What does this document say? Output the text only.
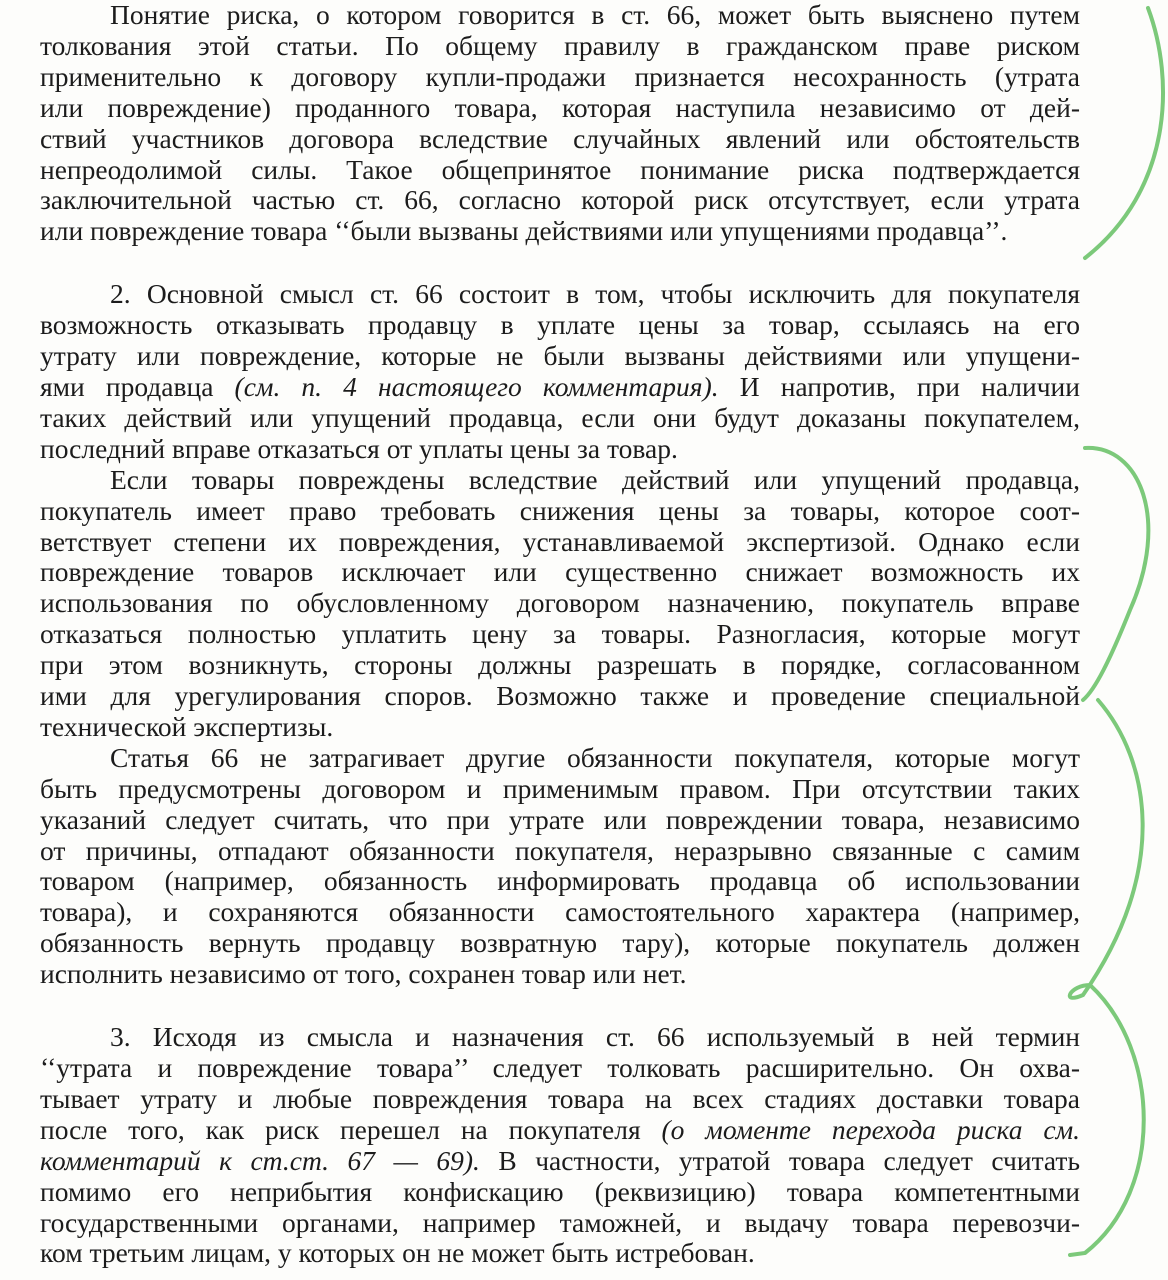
Понятие риска, о котором говорится в ст. 66, может быть выяснено путем
толкования этой статьи. По общему правилу в гражданском праве риском
применительно к договору купли-продажи признается несохранность (утрата
или повреждение) проданного товара, которая наступила независимо от дей-
ствий участников договора вследствие случайных явлений или обстоятельств
непреодолимой силы. Такое общепринятое понимание риска подтверждается
заключительной частью ст. 66, согласно которой риск отсутствует, если утрата
или повреждение товара ‘‘были вызваны действиями или упущениями продавца’’.

2. Основной смысл ст. 66 состоит в том, чтобы исключить для покупателя
возможность отказывать продавцу в уплате цены за товар, ссылаясь на его
утрату или повреждение, которые не были вызваны действиями или упущени-
ями продавца (см. п. 4 настоящего комментария). И напротив, при наличии
таких действий или упущений продавца, если они будут доказаны покупателем,
последний вправе отказаться от уплаты цены за товар.

Если товары повреждены вследствие действий или упущений продавца,
покупатель имеет право требовать снижения цены за товары, которое соот-
ветствует степени их повреждения, устанавливаемой экспертизой. Однако если
повреждение товаров исключает или существенно снижает возможность их
использования по обусловленному договором назначению, покупатель вправе
отказаться полностью уплатить цену за товары. Разногласия, которые могут
при этом возникнуть, стороны должны разрешать в порядке, согласованном
ими для урегулирования споров. Возможно также и проведение специальной
технической экспертизы.

Статья 66 не затрагивает другие обязанности покупателя, которые могут
быть предусмотрены договором и применимым правом. При отсутствии таких
указаний следует считать, что при утрате или повреждении товара, независимо
от причины, отпадают обязанности покупателя, неразрывно связанные с самим
товаром (например, обязанность информировать продавца об использовании
товара), и сохраняются обязанности самостоятельного характера (например,
обязанность вернуть продавцу возвратную тару), которые покупатель должен
исполнить независимо от того, сохранен товар или нет.

3. Исходя из смысла и назначения ст. 66 используемый в ней термин
‘‘утрата и повреждение товара’’ следует толковать расширительно. Он охва-
тывает утрату и любые повреждения товара на всех стадиях доставки товара
после того, как риск перешел на покупателя (о моменте перехода риска см.
комментарий к ст.ст. 67 — 69). В частности, утратой товара следует считать
помимо его неприбытия конфискацию (реквизицию) товара компетентными
государственными органами, например таможней, и выдачу товара перевозчи-
ком третьим лицам, у которых он не может быть истребован.
